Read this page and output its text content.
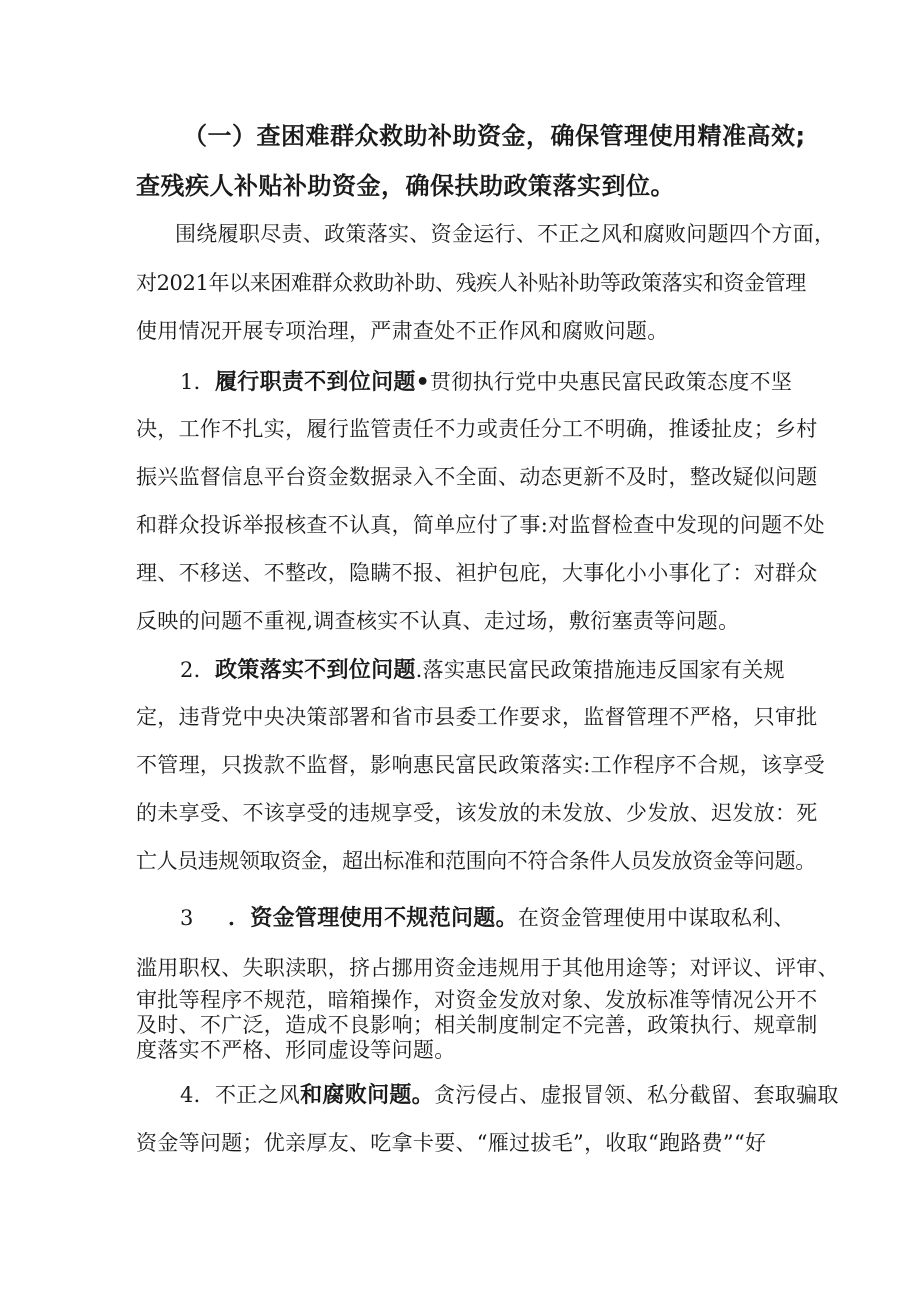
（一）查困难群众救助补助资金，确保管理使用精准高效;
查残疾人补贴补助资金，确保扶助政策落实到位。
围绕履职尽责、政策落实、资金运行、不正之风和腐败问题四个方面，
对2021年以来困难群众救助补助、残疾人补贴补助等政策落实和资金管理
使用情况开展专项治理，严肃查处不正作风和腐败问题。
1．履行职责不到位问题•贯彻执行党中央惠民富民政策态度不坚
决，工作不扎实，履行监管责任不力或责任分工不明确，推诿扯皮；乡村
振兴监督信息平台资金数据录入不全面、动态更新不及时，整改疑似问题
和群众投诉举报核查不认真，简单应付了事:对监督检查中发现的问题不处
理、不移送、不整改，隐瞒不报、袒护包庇，大事化小小事化了：对群众
反映的问题不重视,调查核实不认真、走过场，敷衍塞责等问题。
2．政策落实不到位问题.落实惠民富民政策措施违反国家有关规
定，违背党中央决策部署和省市县委工作要求，监督管理不严格，只审批
不管理，只拨款不监督，影响惠民富民政策落实:工作程序不合规，该享受
的未享受、不该享受的违规享受，该发放的未发放、少发放、迟发放：死
亡人员违规领取资金，超出标准和范围向不符合条件人员发放资金等问题。
3 ．资金管理使用不规范问题。在资金管理使用中谋取私利、
滥用职权、失职渎职，挤占挪用资金违规用于其他用途等；对评议、评审、
审批等程序不规范，暗箱操作，对资金发放对象、发放标准等情况公开不
及时、不广泛，造成不良影响；相关制度制定不完善，政策执行、规章制
度落实不严格、形同虚设等问题。
4．不正之风和腐败问题。贪污侵占、虚报冒领、私分截留、套取骗取
资金等问题；优亲厚友、吃拿卡要、“雁过拔毛”，收取“跑路费”“好
